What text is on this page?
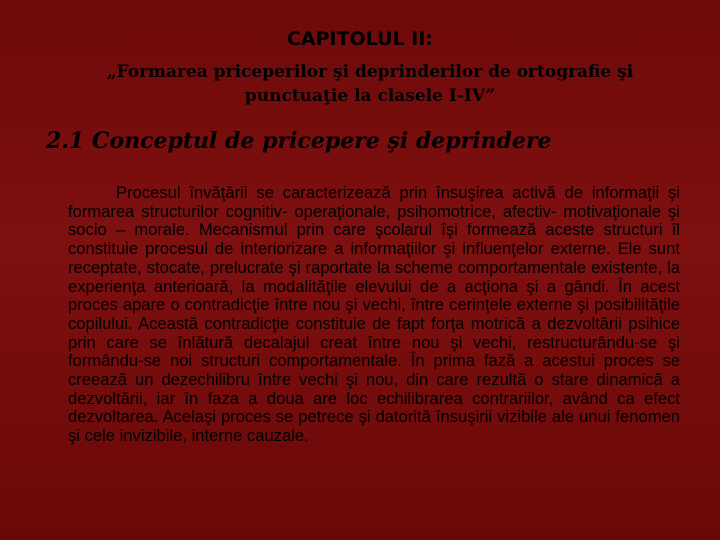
CAPITOLUL II:
„Formarea priceperilor şi deprinderilor de ortografie şi punctuaţie la clasele I-IV”
2.1 Conceptul de pricepere şi deprindere

Procesul învăţării se caracterizează prin însuşirea activă de informaţii şi formarea structurilor cognitiv- operaţionale, psihomotrice, afectiv- motivaţionale şi socio – morale. Mecanismul prin care şcolarul îşi formează aceste structuri îl constituie procesul de interiorizare a informaţiilor şi influenţelor externe. Ele sunt receptate, stocate, prelucrate şi raportate la scheme comportamentale existente, la experienţa anterioară, la modalităţile elevului de a acţiona şi a gândi. În acest proces apare o contradicţie între nou şi vechi, între cerinţele externe şi posibilităţile copilului. Această contradicţie constituie de fapt forţa motrică a dezvoltării psihice prin care se înlătură decalajul creat între nou şi vechi, restructurându-se şi formându-se noi structuri comportamentale. În prima fază a acestui proces se creează un dezechilibru între vechi şi nou, din care rezultă o stare dinamică a dezvoltării, iar în faza a doua are loc echilibrarea contrariilor, având ca efect dezvoltarea. Acelaşi proces se petrece şi datorită însuşirii vizibile ale unui fenomen şi cele invizibile, interne cauzale.
